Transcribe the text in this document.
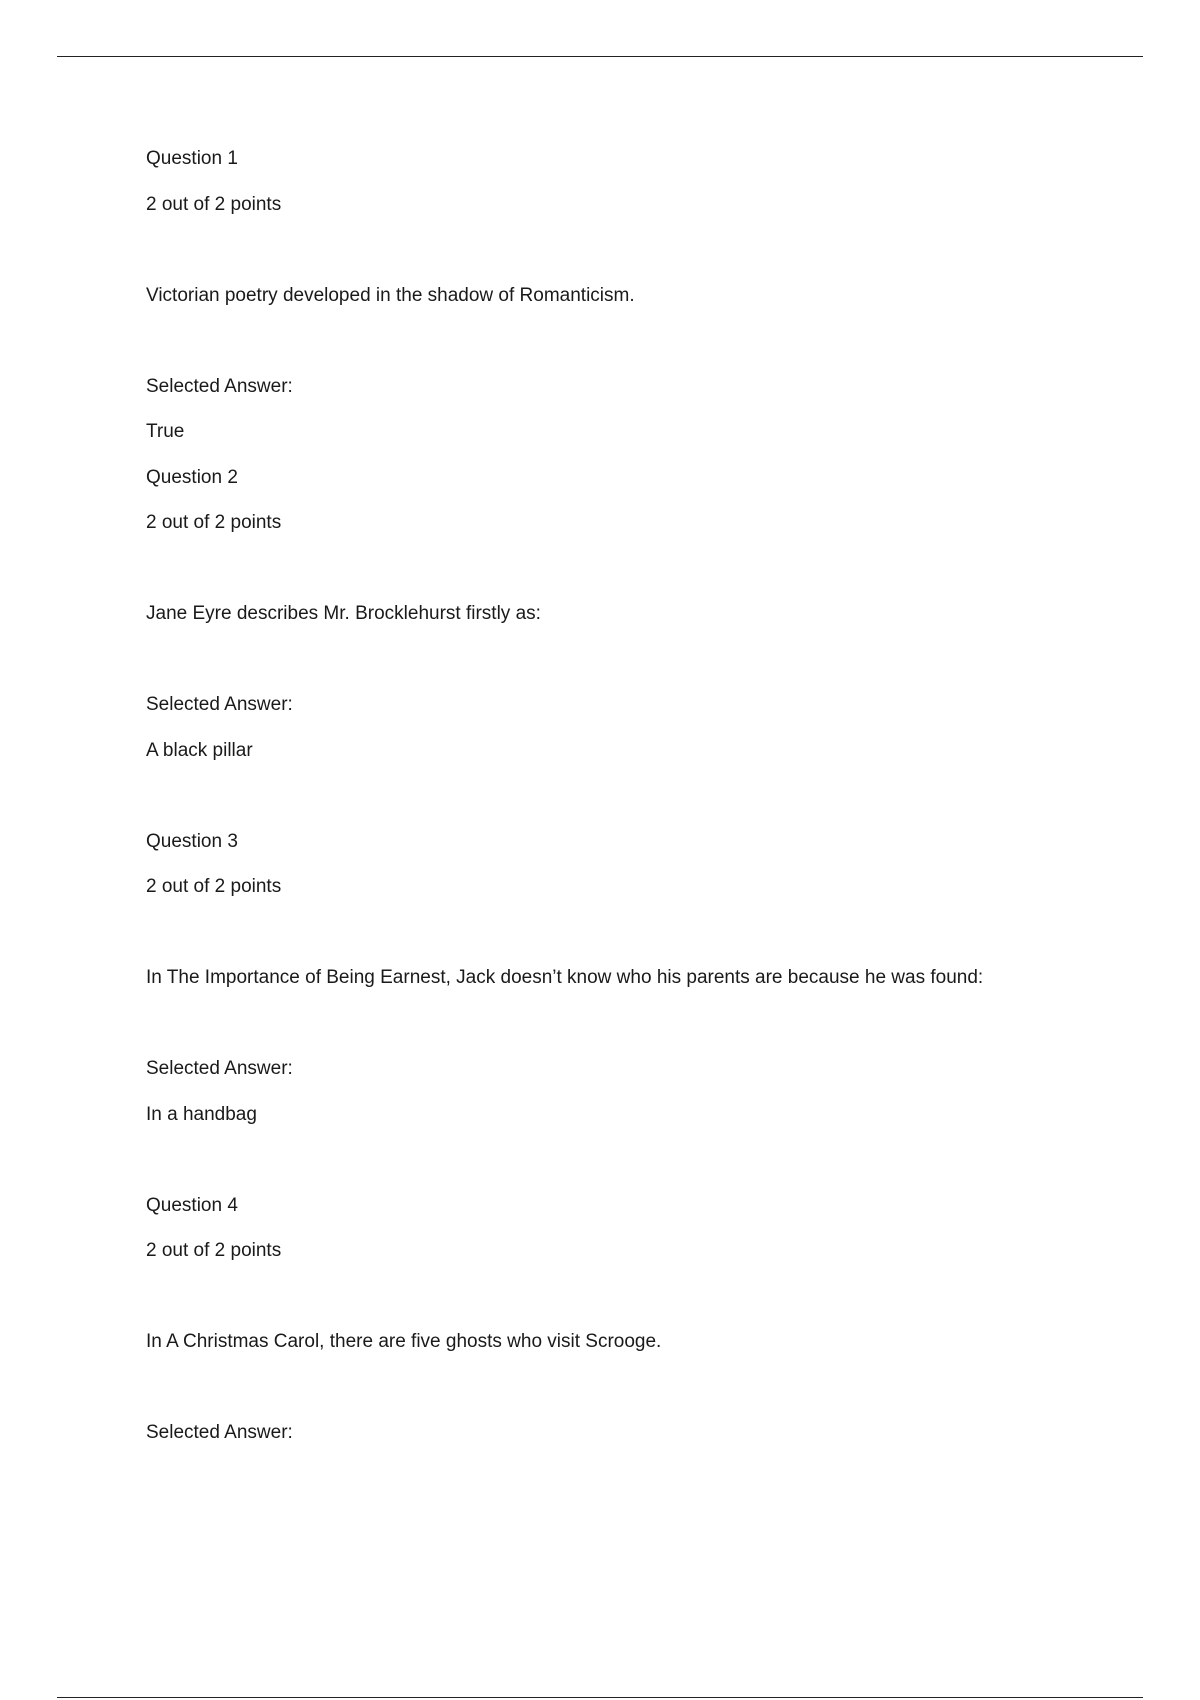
Question 1
2 out of 2 points
Victorian poetry developed in the shadow of Romanticism.
Selected Answer:
True
Question 2
2 out of 2 points
Jane Eyre describes Mr. Brocklehurst firstly as:
Selected Answer:
A black pillar
Question 3
2 out of 2 points
In The Importance of Being Earnest, Jack doesn’t know who his parents are because he was found:
Selected Answer:
In a handbag
Question 4
2 out of 2 points
In A Christmas Carol, there are five ghosts who visit Scrooge.
Selected Answer:
